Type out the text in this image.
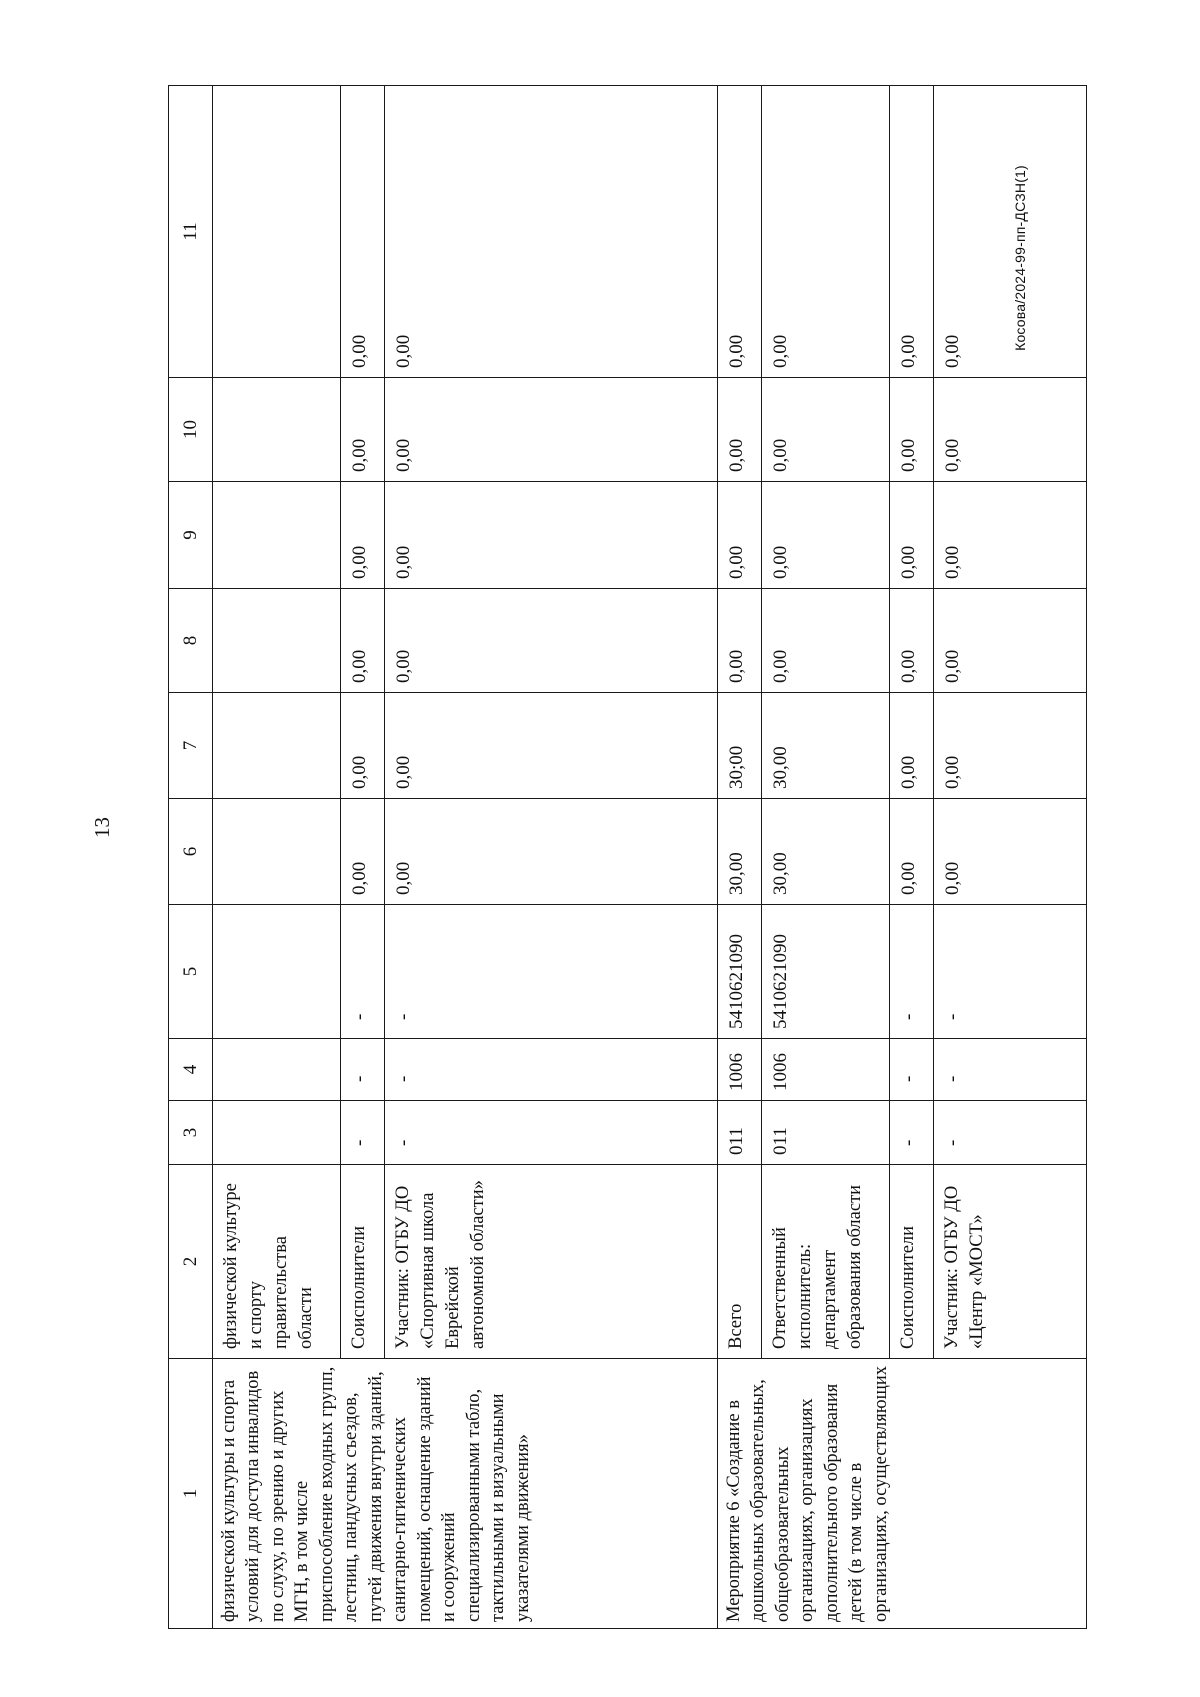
13
Косова/2024-99-пп-ДСЗН(1)
1	2	3	4	5	6	7	8	9	10	11
физической культуры и спорта условий для доступа инвалидов по слуху, по зрению и других МГН, в том числе приспособление входных групп, лестниц, пандусных съездов, путей движения внутри зданий, санитарно-гигиенических помещений, оснащение зданий и сооружений специализированными табло, тактильными и визуальными указателями движения»	физической культуре и спорту правительства области									
	Соисполнители	-	-	-	0,00	0,00	0,00	0,00	0,00	0,00
	Участник: ОГБУ ДО «Спортивная школа Еврейской автономной области»	-	-	-	0,00	0,00	0,00	0,00	0,00	0,00
Мероприятие 6 «Создание в дошкольных образовательных, общеобразовательных организациях, организациях дополнительного образования детей (в том числе в организациях, осуществляющих	Всего	011	1006	5410621090	30,00	30;00	0,00	0,00	0,00	0,00
	Ответственный исполнитель: департамент образования области	011	1006	5410621090	30,00	30,00	0,00	0,00	0,00	0,00
	Соисполнители	-	-	-	0,00	0,00	0,00	0,00	0,00	0,00
	Участник: ОГБУ ДО «Центр «МОСТ»	-	-	-	0,00	0,00	0,00	0,00	0,00	0,00
